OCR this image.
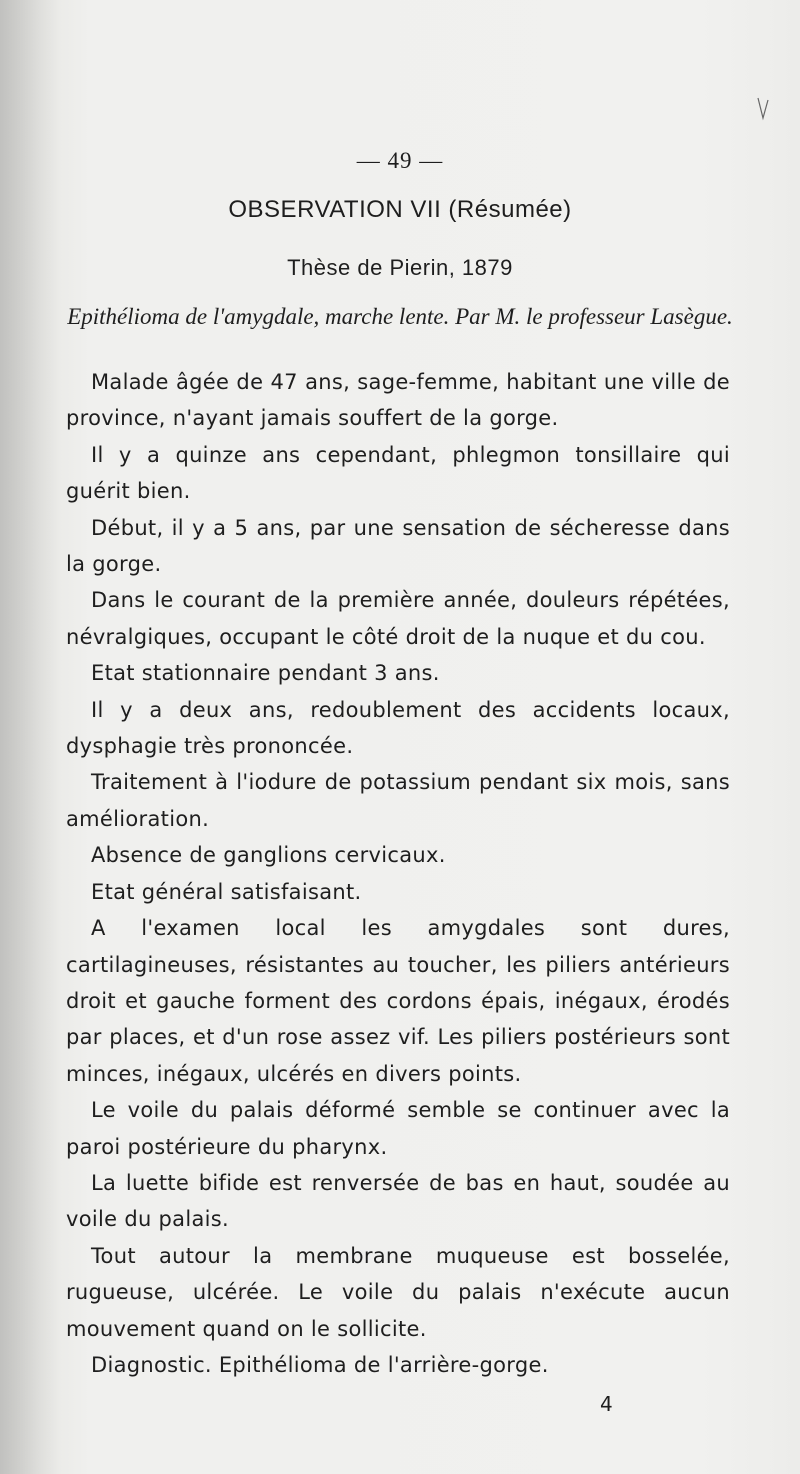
— 49 —
OBSERVATION VII (Résumée)
Thèse de Pierin, 1879
Epithélioma de l'amygdale, marche lente. Par M. le professeur Lasègue.

Malade âgée de 47 ans, sage-femme, habitant une ville de province, n'ayant jamais souffert de la gorge.

Il y a quinze ans cependant, phlegmon tonsillaire qui guérit bien.

Début, il y a 5 ans, par une sensation de sécheresse dans la gorge.

Dans le courant de la première année, douleurs répétées, névralgiques, occupant le côté droit de la nuque et du cou.

Etat stationnaire pendant 3 ans.

Il y a deux ans, redoublement des accidents locaux, dysphagie très prononcée.

Traitement à l'iodure de potassium pendant six mois, sans amélioration.

Absence de ganglions cervicaux.

Etat général satisfaisant.

A l'examen local les amygdales sont dures, cartilagineuses, résistantes au toucher, les piliers antérieurs droit et gauche forment des cordons épais, inégaux, érodés par places, et d'un rose assez vif. Les piliers postérieurs sont minces, inégaux, ulcérés en divers points.

Le voile du palais déformé semble se continuer avec la paroi postérieure du pharynx.

La luette bifide est renversée de bas en haut, soudée au voile du palais.

Tout autour la membrane muqueuse est bosselée, rugueuse, ulcérée. Le voile du palais n'exécute aucun mouvement quand on le sollicite.

Diagnostic. Epithélioma de l'arrière-gorge.

4
